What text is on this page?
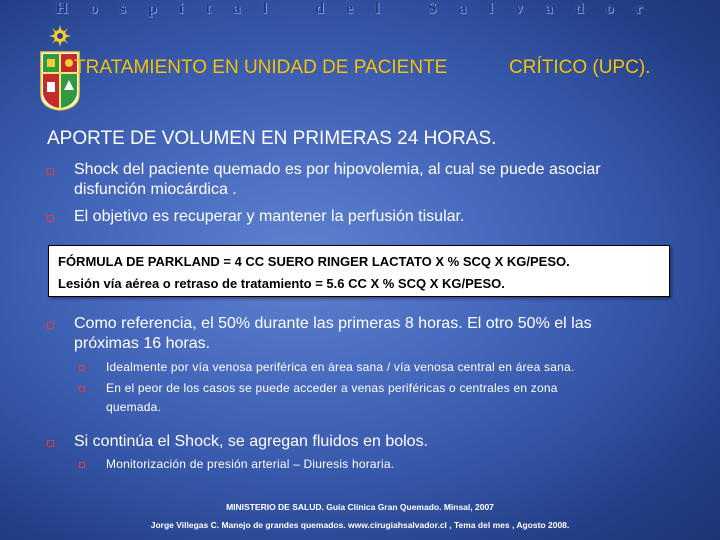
Hospital del Salvador
TRATAMIENTO EN UNIDAD DE PACIENTE	CRÍTICO (UPC).
APORTE DE VOLUMEN EN PRIMERAS 24 HORAS.
Shock del paciente quemado es por hipovolemia, al cual se puede asociar
disfunción miocárdica .
El objetivo es recuperar y mantener la perfusión tisular.
FÓRMULA DE PARKLAND = 4 CC SUERO RINGER LACTATO X % SCQ X KG/PESO.
Lesión vía aérea o retraso de tratamiento = 5.6 CC X % SCQ X KG/PESO.
Como referencia, el 50% durante las primeras 8 horas. El otro 50% el las
próximas 16 horas.
Idealmente por vía venosa periférica en área sana / vía venosa central en área sana.
En el peor de los casos se puede acceder a venas periféricas o centrales en zona
quemada.
Si continúa el Shock, se agregan fluidos en bolos.
Monitorización de presión arterial – Diuresis horaria.
MINISTERIO DE SALUD. Guía Clínica Gran Quemado. Minsal, 2007
Jorge Villegas C. Manejo de grandes quemados. www.cirugiahsalvador.cl , Tema del mes , Agosto 2008.
